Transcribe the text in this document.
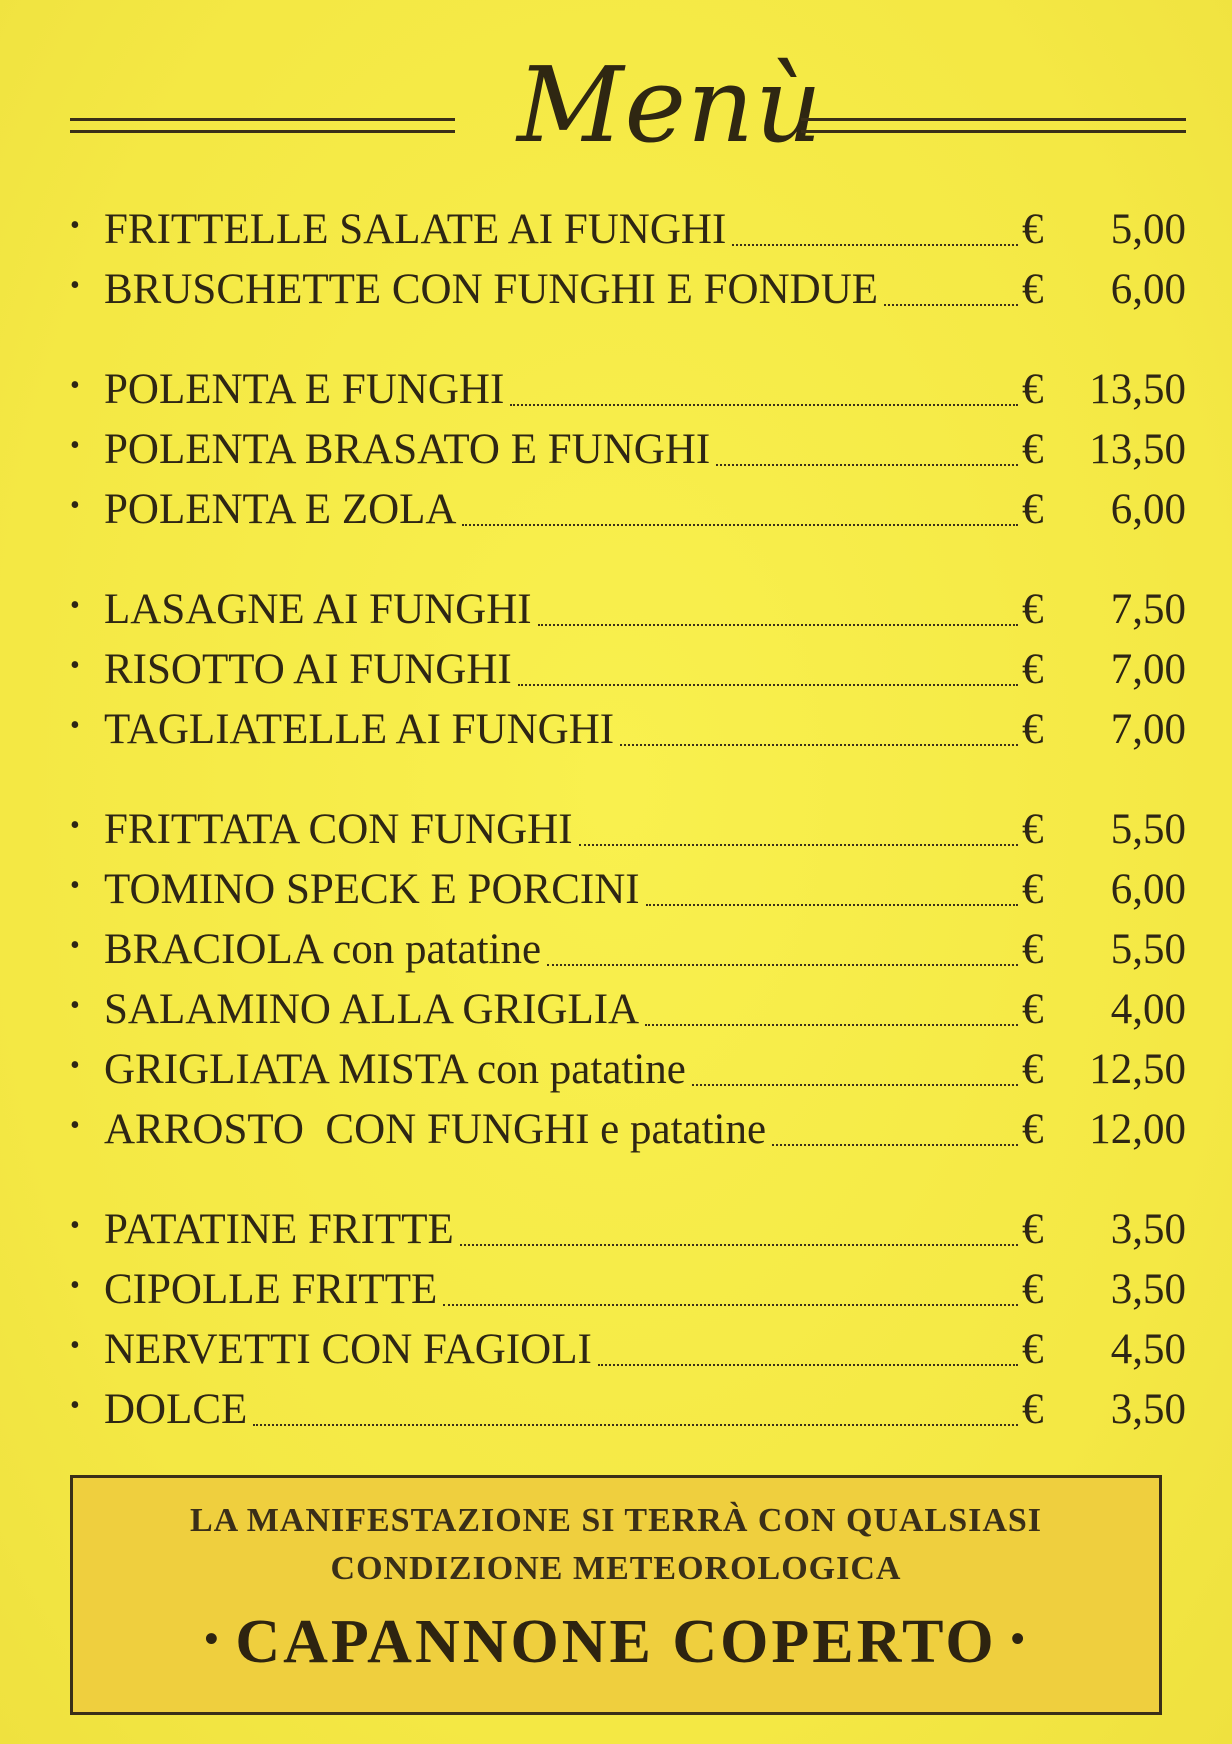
Menù
• FRITTELLE SALATE AI FUNGHI	€	5,00
• BRUSCHETTE CON FUNGHI E FONDUE	€	6,00
• POLENTA E FUNGHI	€	13,50
• POLENTA BRASATO E FUNGHI	€	13,50
• POLENTA E ZOLA	€	6,00
• LASAGNE AI FUNGHI	€	7,50
• RISOTTO AI FUNGHI	€	7,00
• TAGLIATELLE AI FUNGHI	€	7,00
• FRITTATA CON FUNGHI	€	5,50
• TOMINO SPECK E PORCINI	€	6,00
• BRACIOLA con patatine	€	5,50
• SALAMINO ALLA GRIGLIA	€	4,00
• GRIGLIATA MISTA con patatine	€	12,50
• ARROSTO  CON FUNGHI e patatine	€	12,00
• PATATINE FRITTE	€	3,50
• CIPOLLE FRITTE	€	3,50
• NERVETTI CON FAGIOLI	€	4,50
• DOLCE	€	3,50
LA MANIFESTAZIONE SI TERRÀ CON QUALSIASI
CONDIZIONE METEOROLOGICA
• CAPANNONE COPERTO •
